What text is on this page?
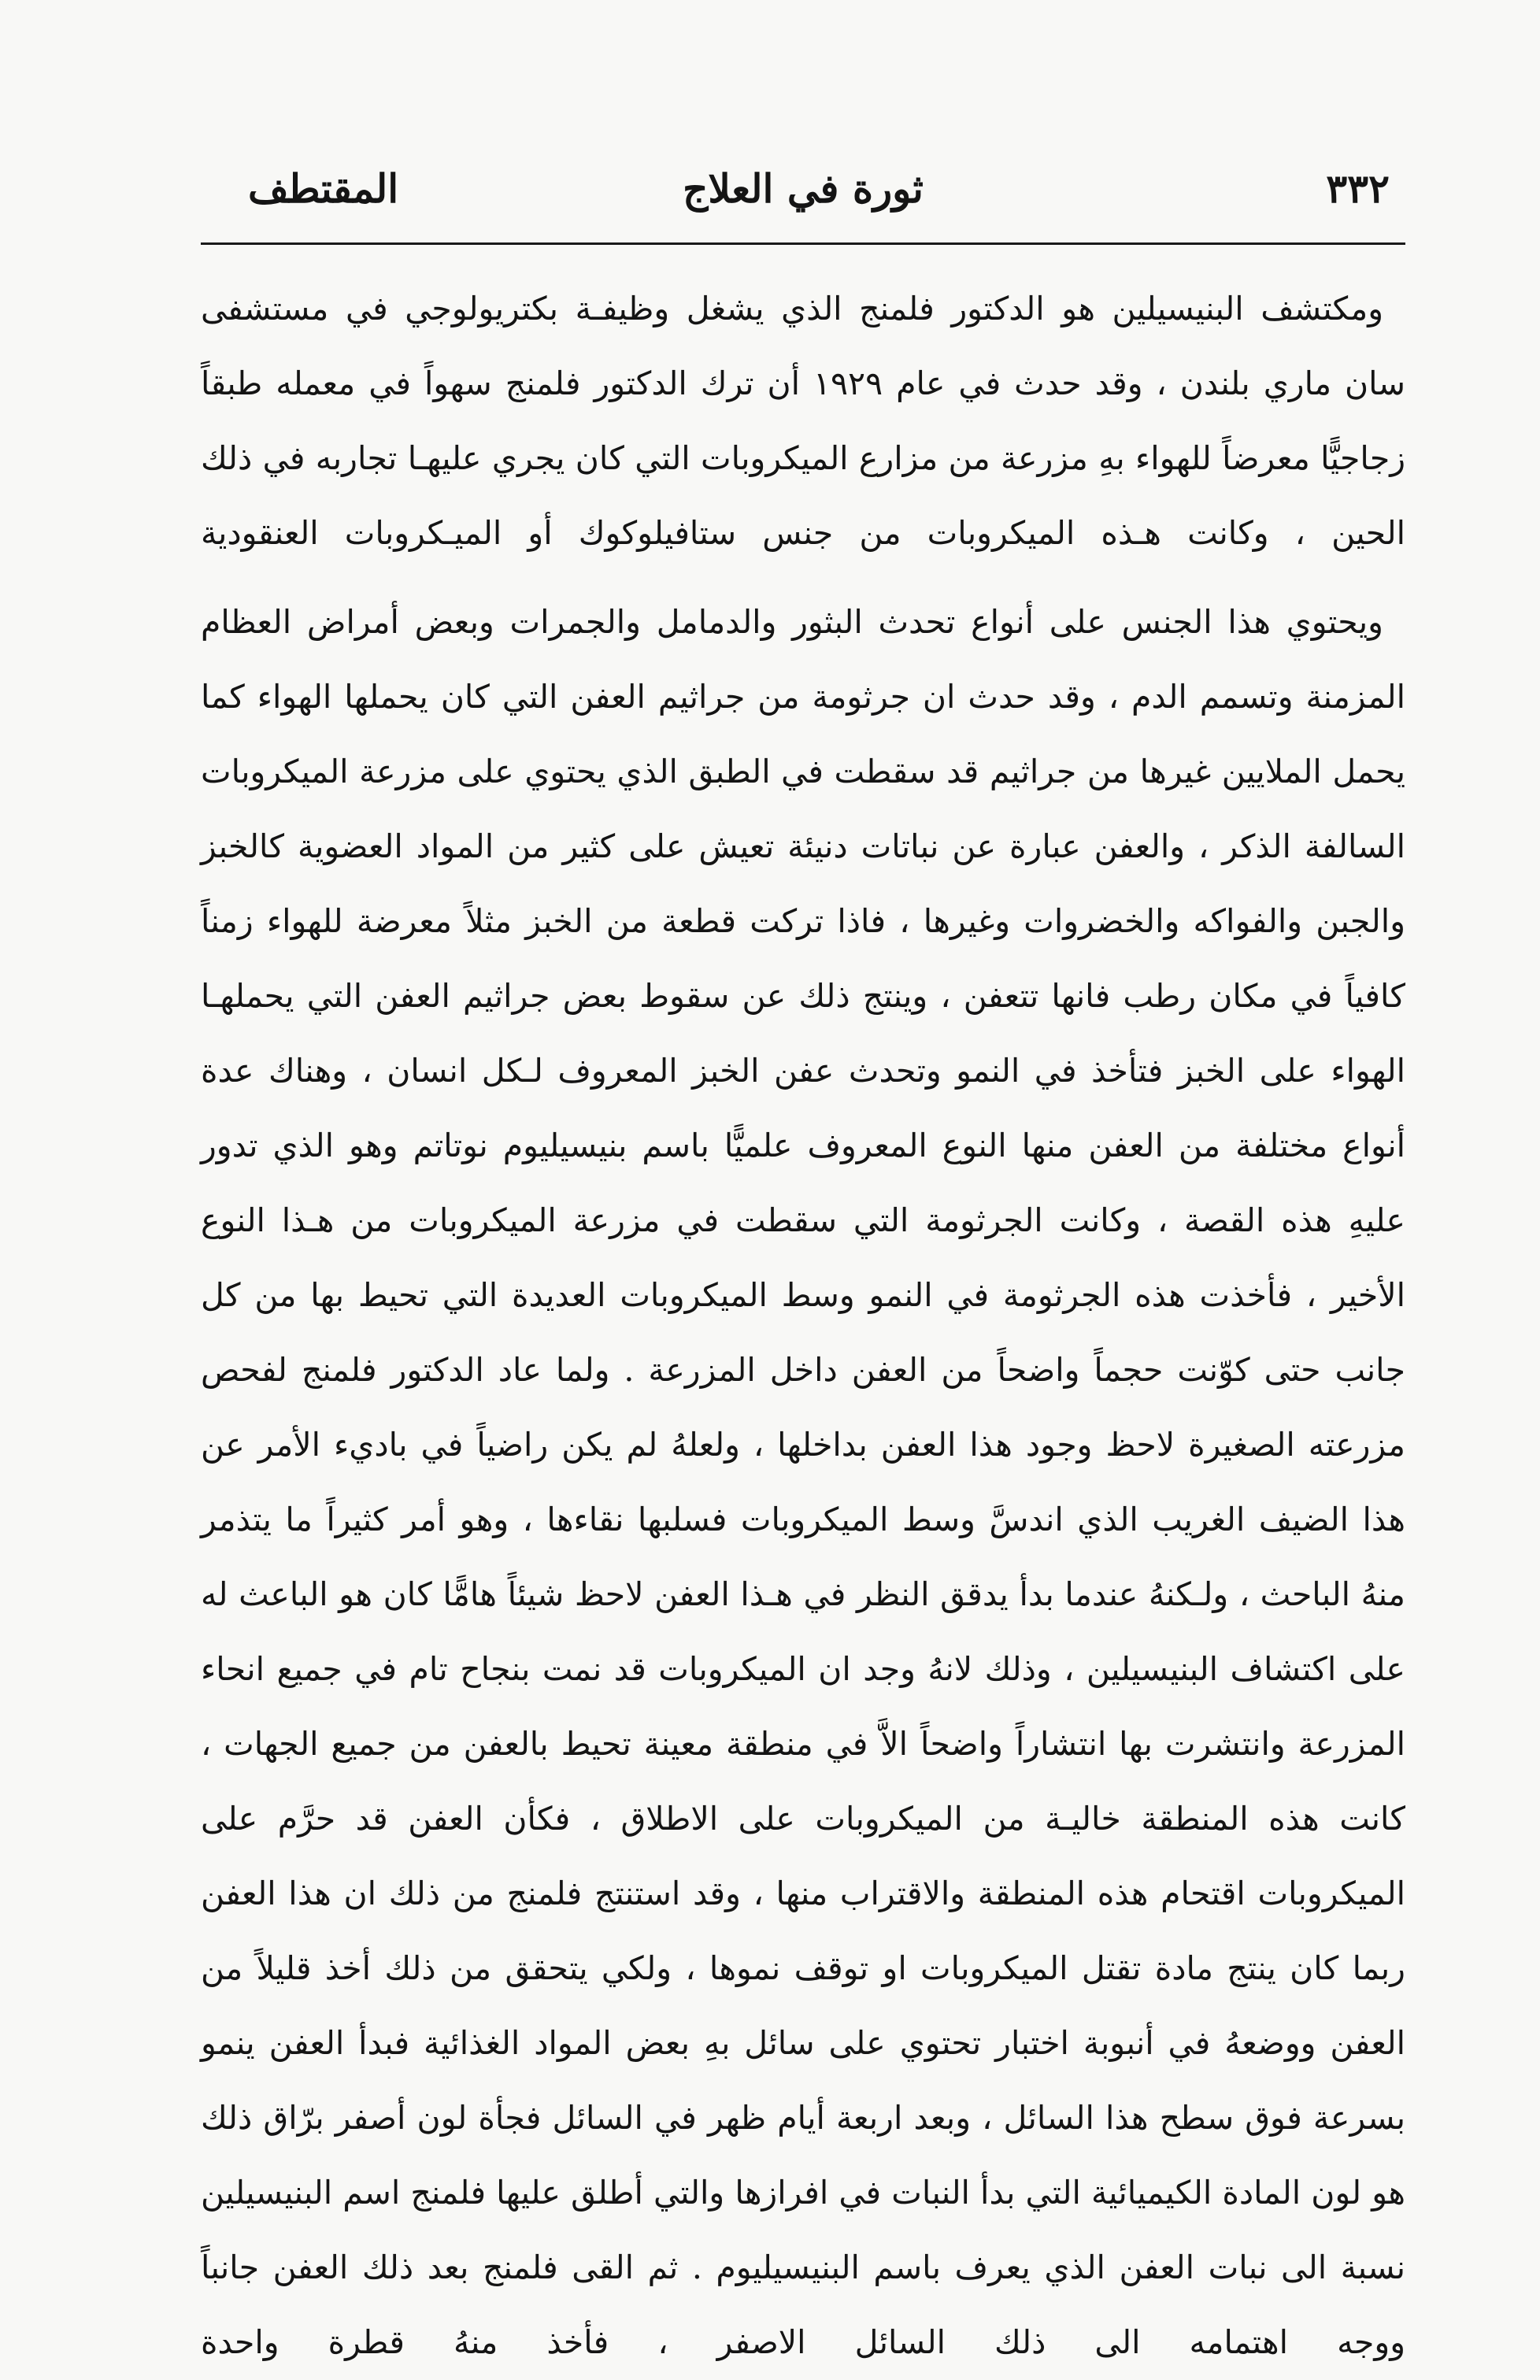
٣٣٢
ثورة في العلاج
المقتطف

ومكتشف البنيسيلين هو الدكتور فلمنج الذي يشغل وظيفـة بكتريولوجي في مستشفى سان ماري بلندن ، وقد حدث في عام ١٩٢٩ أن ترك الدكتور فلمنج سهواً في معمله طبقاً زجاجيًّا معرضاً للهواء بهِ مزرعة من مزارع الميكروبات التي كان يجري عليهـا تجاربه في ذلك الحين ، وكانت هـذه الميكروبات من جنس ستافيلوكوك أو الميـكروبات العنقودية

ويحتوي هذا الجنس على أنواع تحدث البثور والدمامل والجمرات وبعض أمراض العظام المزمنة وتسمم الدم ، وقد حدث ان جرثومة من جراثيم العفن التي كان يحملها الهواء كما يحمل الملايين غيرها من جراثيم قد سقطت في الطبق الذي يحتوي على مزرعة الميكروبات السالفة الذكر ، والعفن عبارة عن نباتات دنيئة تعيش على كثير من المواد العضوية كالخبز والجبن والفواكه والخضروات وغيرها ، فاذا تركت قطعة من الخبز مثلاً معرضة للهواء زمناً كافياً في مكان رطب فانها تتعفن ، وينتج ذلك عن سقوط بعض جراثيم العفن التي يحملهـا الهواء على الخبز فتأخذ في النمو وتحدث عفن الخبز المعروف لـكل انسان ، وهناك عدة أنواع مختلفة من العفن منها النوع المعروف علميًّا باسم بنيسيليوم نوتاتم وهو الذي تدور عليهِ هذه القصة ، وكانت الجرثومة التي سقطت في مزرعة الميكروبات من هـذا النوع الأخير ، فأخذت هذه الجرثومة في النمو وسط الميكروبات العديدة التي تحيط بها من كل جانب حتى كوّنت حجماً واضحاً من العفن داخل المزرعة . ولما عاد الدكتور فلمنج لفحص مزرعته الصغيرة لاحظ وجود هذا العفن بداخلها ، ولعلهُ لم يكن راضياً في باديء الأمر عن هذا الضيف الغريب الذي اندسَّ وسط الميكروبات فسلبها نقاءها ، وهو أمر كثيراً ما يتذمر منهُ الباحث ، ولـكنهُ عندما بدأ يدقق النظر في هـذا العفن لاحظ شيئاً هامًّا كان هو الباعث له على اكتشاف البنيسيلين ، وذلك لانهُ وجد ان الميكروبات قد نمت بنجاح تام في جميع انحاء المزرعة وانتشرت بها انتشاراً واضحاً الاَّ في منطقة معينة تحيط بالعفن من جميع الجهات ، كانت هذه المنطقة خاليـة من الميكروبات على الاطلاق ، فكأن العفن قد حرَّم على الميكروبات اقتحام هذه المنطقة والاقتراب منها ، وقد استنتج فلمنج من ذلك ان هذا العفن ربما كان ينتج مادة تقتل الميكروبات او توقف نموها ، ولكي يتحقق من ذلك أخذ قليلاً من العفن ووضعهُ في أنبوبة اختبار تحتوي على سائل بهِ بعض المواد الغذائية فبدأ العفن ينمو بسرعة فوق سطح هذا السائل ، وبعد اربعة أيام ظهر في السائل فجأة لون أصفر برّاق ذلك هو لون المادة الكيميائية التي بدأ النبات في افرازها والتي أطلق عليها فلمنج اسم البنيسيلين نسبة الى نبات العفن الذي يعرف باسم البنيسيليوم . ثم القى فلمنج بعد ذلك العفن جانباً ووجه اهتمامه الى ذلك السائل الاصفر ، فأخذ منهُ قطرة واحدة
